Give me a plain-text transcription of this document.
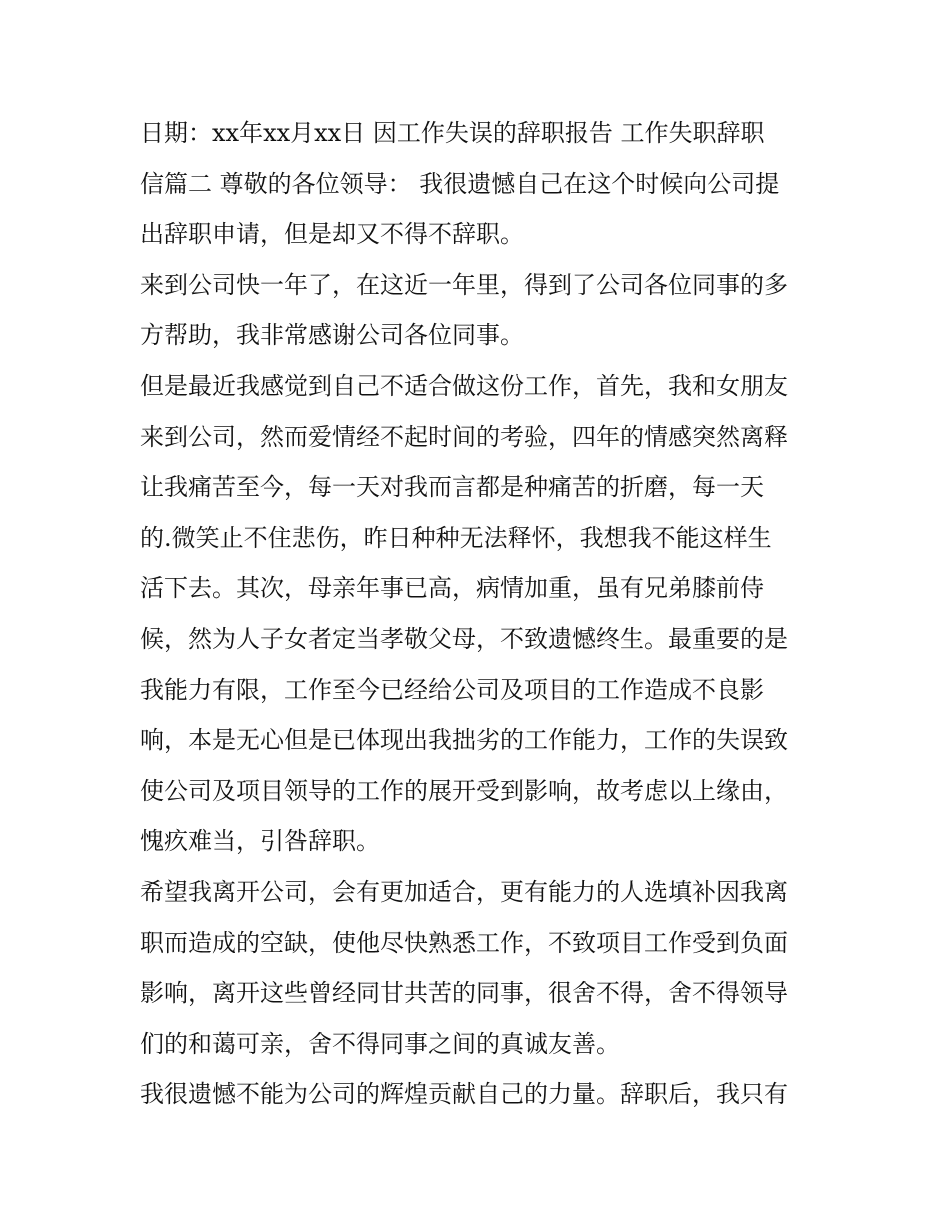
日期：xx年xx月xx日 因工作失误的辞职报告 工作失职辞职
信篇二 尊敬的各位领导： 我很遗憾自己在这个时候向公司提
出辞职申请，但是却又不得不辞职。
来到公司快一年了，在这近一年里，得到了公司各位同事的多
方帮助，我非常感谢公司各位同事。
但是最近我感觉到自己不适合做这份工作，首先，我和女朋友
来到公司，然而爱情经不起时间的考验，四年的情感突然离释
让我痛苦至今，每一天对我而言都是种痛苦的折磨，每一天
的.微笑止不住悲伤，昨日种种无法释怀，我想我不能这样生
活下去。其次，母亲年事已高，病情加重，虽有兄弟膝前侍
候，然为人子女者定当孝敬父母，不致遗憾终生。最重要的是
我能力有限，工作至今已经给公司及项目的工作造成不良影
响，本是无心但是已体现出我拙劣的工作能力，工作的失误致
使公司及项目领导的工作的展开受到影响，故考虑以上缘由，
愧疚难当，引咎辞职。
希望我离开公司，会有更加适合，更有能力的人选填补因我离
职而造成的空缺，使他尽快熟悉工作，不致项目工作受到负面
影响，离开这些曾经同甘共苦的同事，很舍不得，舍不得领导
们的和蔼可亲，舍不得同事之间的真诚友善。
我很遗憾不能为公司的辉煌贡献自己的力量。辞职后，我只有
